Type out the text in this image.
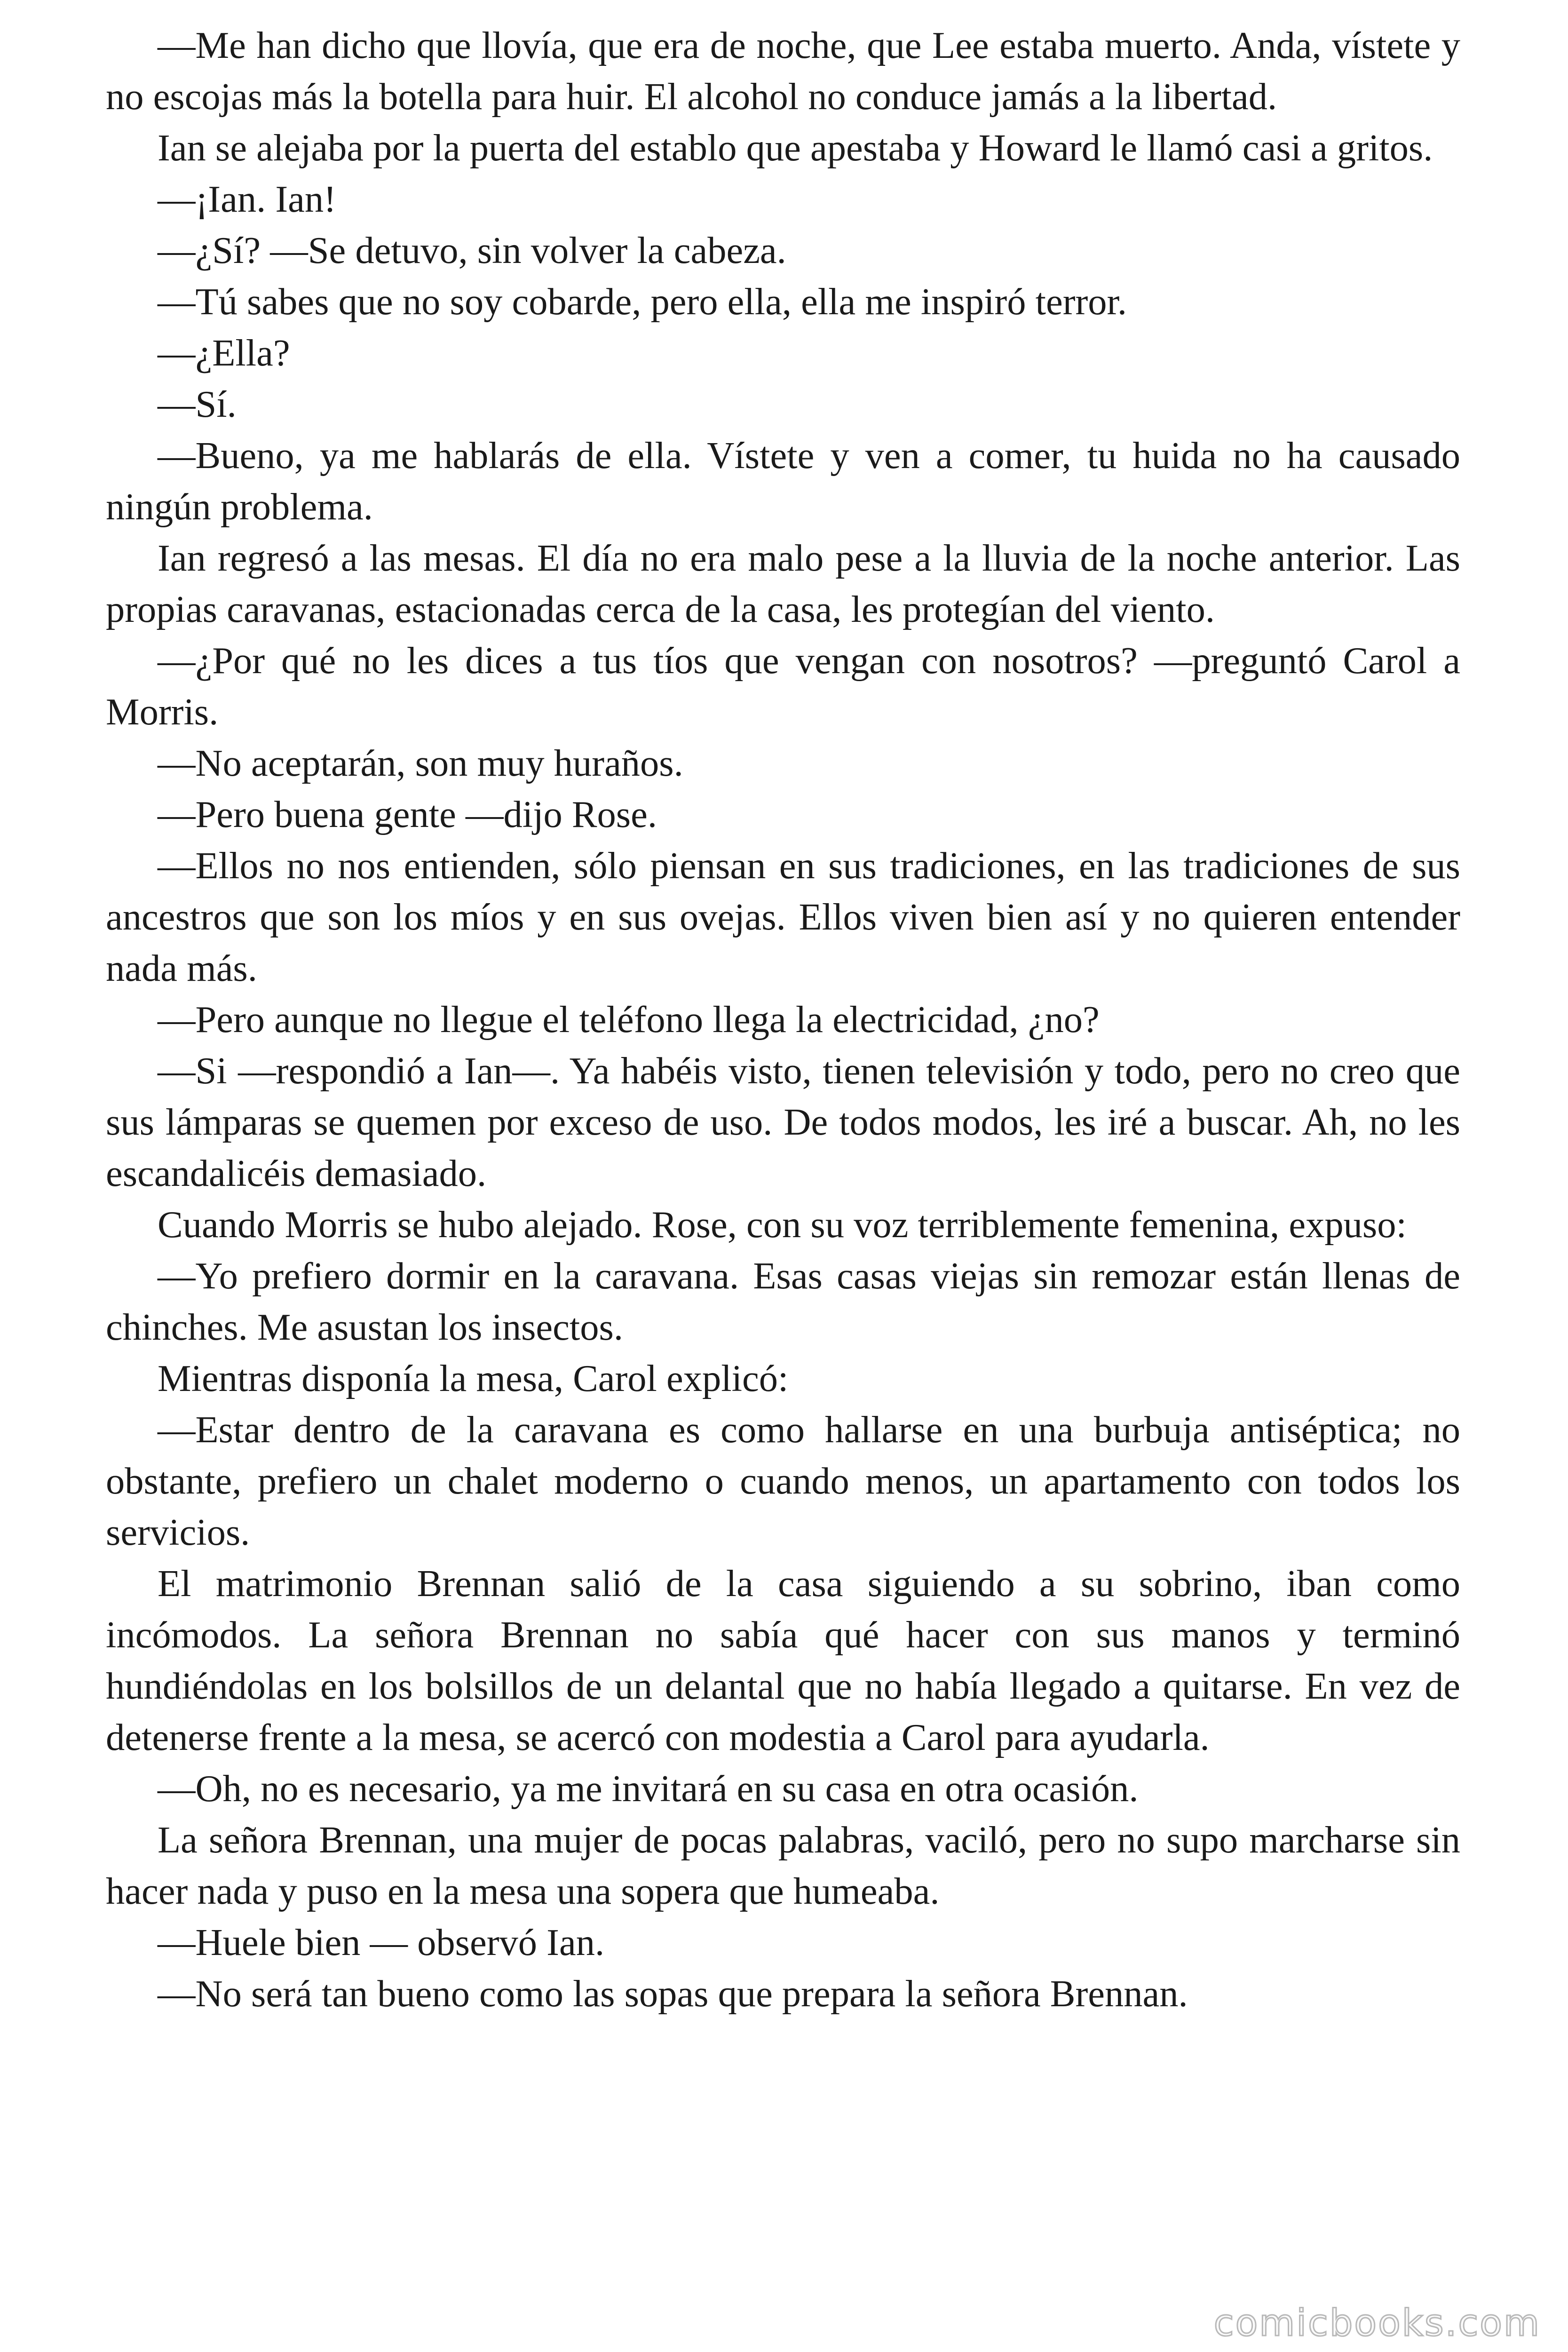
—Me han dicho que llovía, que era de noche, que Lee estaba muerto. Anda, vístete y no escojas más la botella para huir. El alcohol no conduce jamás a la libertad.

Ian se alejaba por la puerta del establo que apestaba y Howard le llamó casi a gritos.

—¡Ian. Ian!

—¿Sí? —Se detuvo, sin volver la cabeza.

—Tú sabes que no soy cobarde, pero ella, ella me inspiró terror.

—¿Ella?

—Sí.

—Bueno, ya me hablarás de ella. Vístete y ven a comer, tu huida no ha causado ningún problema.

Ian regresó a las mesas. El día no era malo pese a la lluvia de la noche anterior. Las propias caravanas, estacionadas cerca de la casa, les protegían del viento.

—¿Por qué no les dices a tus tíos que vengan con nosotros? —preguntó Carol a Morris.

—No aceptarán, son muy huraños.

—Pero buena gente —dijo Rose.

—Ellos no nos entienden, sólo piensan en sus tradiciones, en las tradiciones de sus ancestros que son los míos y en sus ovejas. Ellos viven bien así y no quieren entender nada más.

—Pero aunque no llegue el teléfono llega la electricidad, ¿no?

—Si —respondió a Ian—. Ya habéis visto, tienen televisión y todo, pero no creo que sus lámparas se quemen por exceso de uso. De todos modos, les iré a buscar. Ah, no les escandalicéis demasiado.

Cuando Morris se hubo alejado. Rose, con su voz terriblemente femenina, expuso:

—Yo prefiero dormir en la caravana. Esas casas viejas sin remozar están llenas de chinches. Me asustan los insectos.

Mientras disponía la mesa, Carol explicó:

—Estar dentro de la caravana es como hallarse en una burbuja antiséptica; no obstante, prefiero un chalet moderno o cuando menos, un apartamento con todos los servicios.

El matrimonio Brennan salió de la casa siguiendo a su sobrino, iban como incómodos. La señora Brennan no sabía qué hacer con sus manos y terminó hundiéndolas en los bolsillos de un delantal que no había llegado a quitarse. En vez de detenerse frente a la mesa, se acercó con modestia a Carol para ayudarla.

—Oh, no es necesario, ya me invitará en su casa en otra ocasión.

La señora Brennan, una mujer de pocas palabras, vaciló, pero no supo marcharse sin hacer nada y puso en la mesa una sopera que humeaba.

—Huele bien — observó Ian.

—No será tan bueno como las sopas que prepara la señora Brennan.

comicbooks.com
